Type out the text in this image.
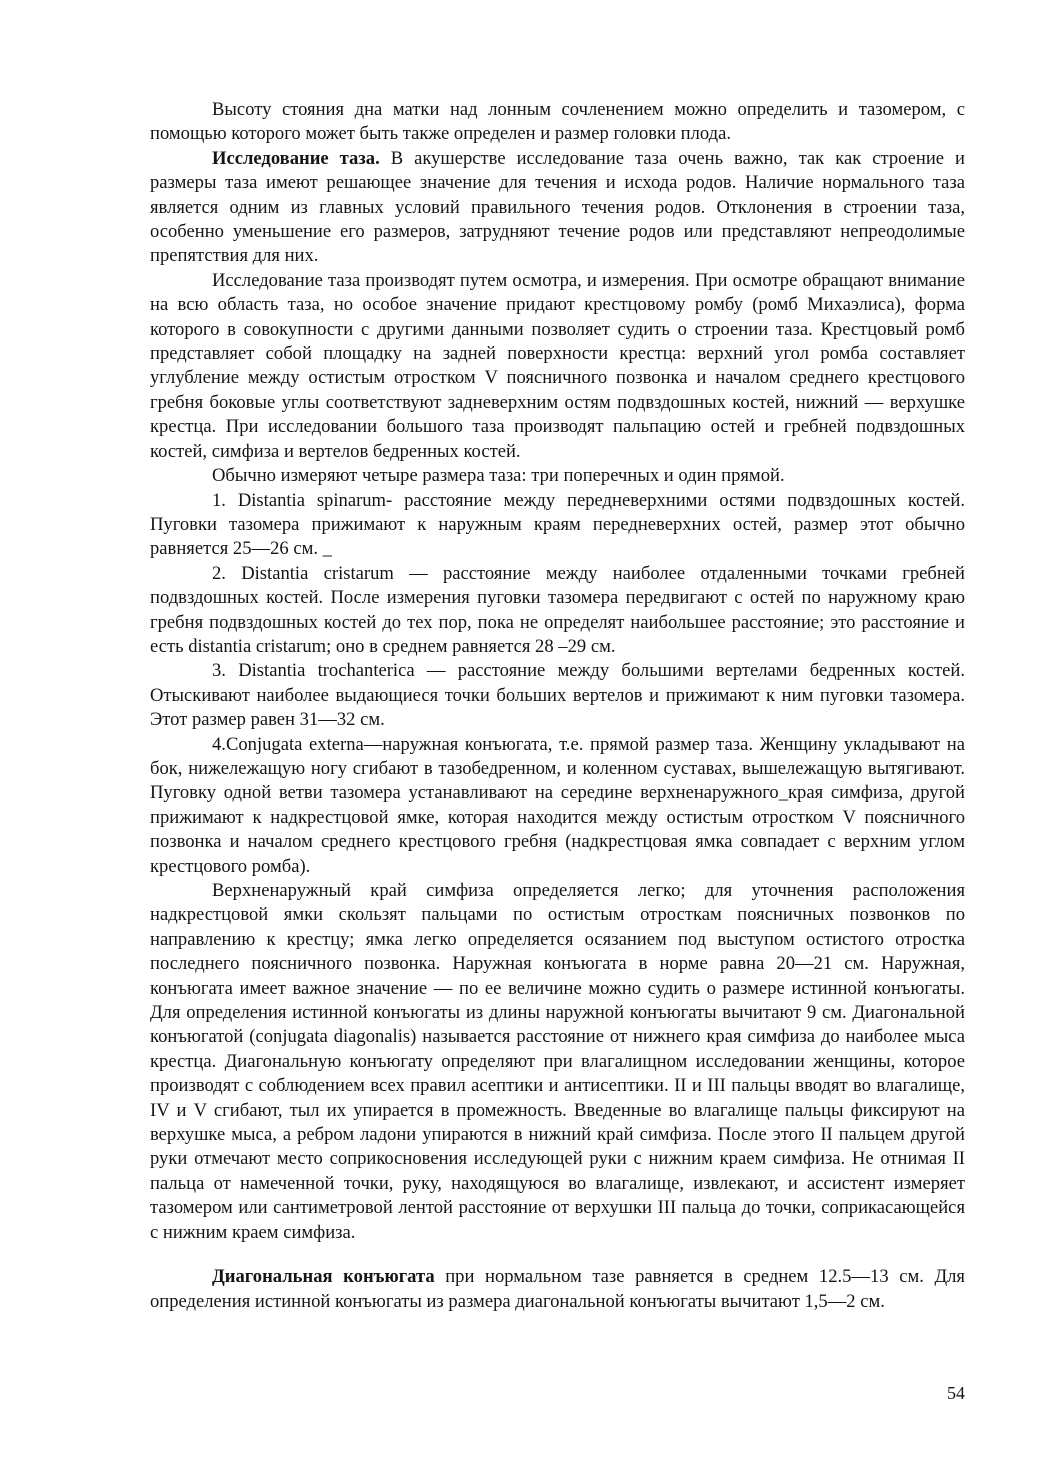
Высоту стояния дна матки над лонным сочленением можно определить и тазомером, с помощью которого может быть также определен и размер головки плода.

Исследование таза. В акушерстве исследование таза очень важно, так как строение и размеры таза имеют решающее значение для течения и исхода родов. Наличие нормального таза является одним из главных условий правильного течения родов. Отклонения в строении таза, особенно уменьшение его размеров, затрудняют течение родов или представляют непреодолимые препятствия для них.

Исследование таза производят путем осмотра, и измерения. При осмотре обращают внимание на всю область таза, но особое значение придают крестцовому ромбу (ромб Михаэлиса), форма которого в совокупности с другими данными позволяет судить о строении таза. Крестцовый ромб представляет собой площадку на задней поверхности крестца: верхний угол ромба составляет углубление между остистым отростком V поясничного позвонка и началом среднего крестцового гребня боковые углы соответствуют задневерхним остям подвздошных костей, нижний — верхушке крестца. При исследовании большого таза производят пальпацию остей и гребней подвздошных костей, симфиза и вертелов бедренных костей.

Обычно измеряют четыре размера таза: три поперечных и один прямой.

1. Distantia spinarum- расстояние между передневерхними остями подвздошных костей. Пуговки тазомера прижимают к наружным краям передневерхних остей, размер этот обычно равняется 25—26 см. _

2. Distantia cristarum — расстояние между наиболее отдаленными точками гребней подвздошных костей. После измерения пуговки тазомера передвигают с остей по наружному краю гребня подвздошных костей до тех пор, пока не определят наибольшее расстояние; это расстояние и есть distantia cristarum; оно в среднем равняется 28 –29 см.

3. Distantia trochanterica — расстояние между большими вертелами бедренных костей. Отыскивают наиболее выдающиеся точки больших вертелов и прижимают к ним пуговки тазомера. Этот размер равен 31—32 см.

4.Conjugata externa—наружная конъюгата, т.е. прямой размер таза. Женщину укладывают на бок, нижележащую ногу сгибают в тазобедренном, и коленном суставах, вышележащую вытягивают. Пуговку одной ветви тазомера устанавливают на середине верхненаружного_края симфиза, другой прижимают к надкрестцовой ямке, которая находится между остистым отростком V поясничного позвонка и началом среднего крестцового гребня (надкрестцовая ямка совпадает с верхним углом крестцового ромба).

Верхненаружный край симфиза определяется легко; для уточнения расположения надкрестцовой ямки скользят пальцами по остистым отросткам поясничных позвонков по направлению к крестцу; ямка легко определяется осязанием под выступом остистого отростка последнего поясничного позвонка. Наружная конъюгата в норме равна 20—21 см. Наружная, конъюгата имеет важное значение — по ее величине можно судить о размере истинной конъюгаты. Для определения истинной конъюгаты из длины наружной конъюгаты вычитают 9 см. Диагональной конъюгатой (conjugata diagonalis) называется расстояние от нижнего края симфиза до наиболее мыса крестца. Диагональную конъюгату определяют при влагалищном исследовании женщины, которое производят с соблюдением всех правил асептики и антисептики. II и III пальцы вводят во влагалище, IV и V сгибают, тыл их упирается в промежность. Введенные во влагалище пальцы фиксируют на верхушке мыса, а ребром ладони упираются в нижний край симфиза. После этого II пальцем другой руки отмечают место соприкосновения исследующей руки с нижним краем симфиза. Не отнимая II пальца от намеченной точки, руку, находящуюся во влагалище, извлекают, и ассистент измеряет тазомером или сантиметровой лентой расстояние от верхушки III пальца до точки, соприкасающейся с нижним краем симфиза.

Диагональная конъюгата при нормальном тазе равняется в среднем 12.5—13 см. Для определения истинной конъюгаты из размера диагональной конъюгаты вычитают 1,5—2 см.

54
